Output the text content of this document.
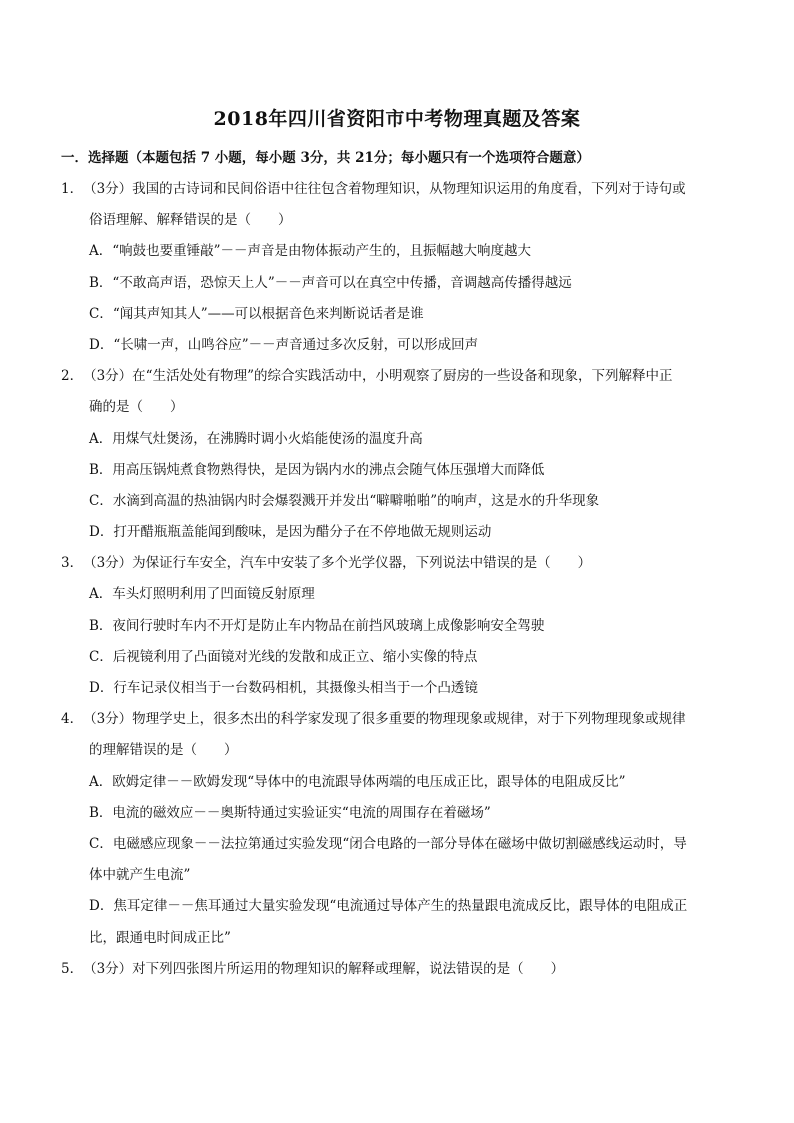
2018年四川省资阳市中考物理真题及答案
一．选择题（本题包括 7 小题，每小题 3分，共 21分；每小题只有一个选项符合题意）
1．（3分）我国的古诗词和民间俗语中往往包含着物理知识，从物理知识运用的角度看，下列对于诗句或
俗语理解、解释错误的是（　　）
A．“响鼓也要重锤敲”－－声音是由物体振动产生的，且振幅越大响度越大
B．“不敢高声语，恐惊天上人”－－声音可以在真空中传播，音调越高传播得越远
C．“闻其声知其人”——可以根据音色来判断说话者是谁
D．“长啸一声，山鸣谷应”－－声音通过多次反射，可以形成回声
2．（3分）在“生活处处有物理”的综合实践活动中，小明观察了厨房的一些设备和现象，下列解释中正
确的是（　　）
A．用煤气灶煲汤，在沸腾时调小火焰能使汤的温度升高
B．用高压锅炖煮食物熟得快，是因为锅内水的沸点会随气体压强增大而降低
C．水滴到高温的热油锅内时会爆裂溅开并发出“噼噼啪啪”的响声，这是水的升华现象
D．打开醋瓶瓶盖能闻到酸味，是因为醋分子在不停地做无规则运动
3．（3分）为保证行车安全，汽车中安装了多个光学仪器，下列说法中错误的是（　　）
A．车头灯照明利用了凹面镜反射原理
B．夜间行驶时车内不开灯是防止车内物品在前挡风玻璃上成像影响安全驾驶
C．后视镜利用了凸面镜对光线的发散和成正立、缩小实像的特点
D．行车记录仪相当于一台数码相机，其摄像头相当于一个凸透镜
4．（3分）物理学史上，很多杰出的科学家发现了很多重要的物理现象或规律，对于下列物理现象或规律
的理解错误的是（　　）
A．欧姆定律－－欧姆发现“导体中的电流跟导体两端的电压成正比，跟导体的电阻成反比”
B．电流的磁效应－－奥斯特通过实验证实“电流的周围存在着磁场”
C．电磁感应现象－－法拉第通过实验发现“闭合电路的一部分导体在磁场中做切割磁感线运动时，导
体中就产生电流”
D．焦耳定律－－焦耳通过大量实验发现“电流通过导体产生的热量跟电流成反比，跟导体的电阻成正
比，跟通电时间成正比”
5．（3分）对下列四张图片所运用的物理知识的解释或理解，说法错误的是（　　）
